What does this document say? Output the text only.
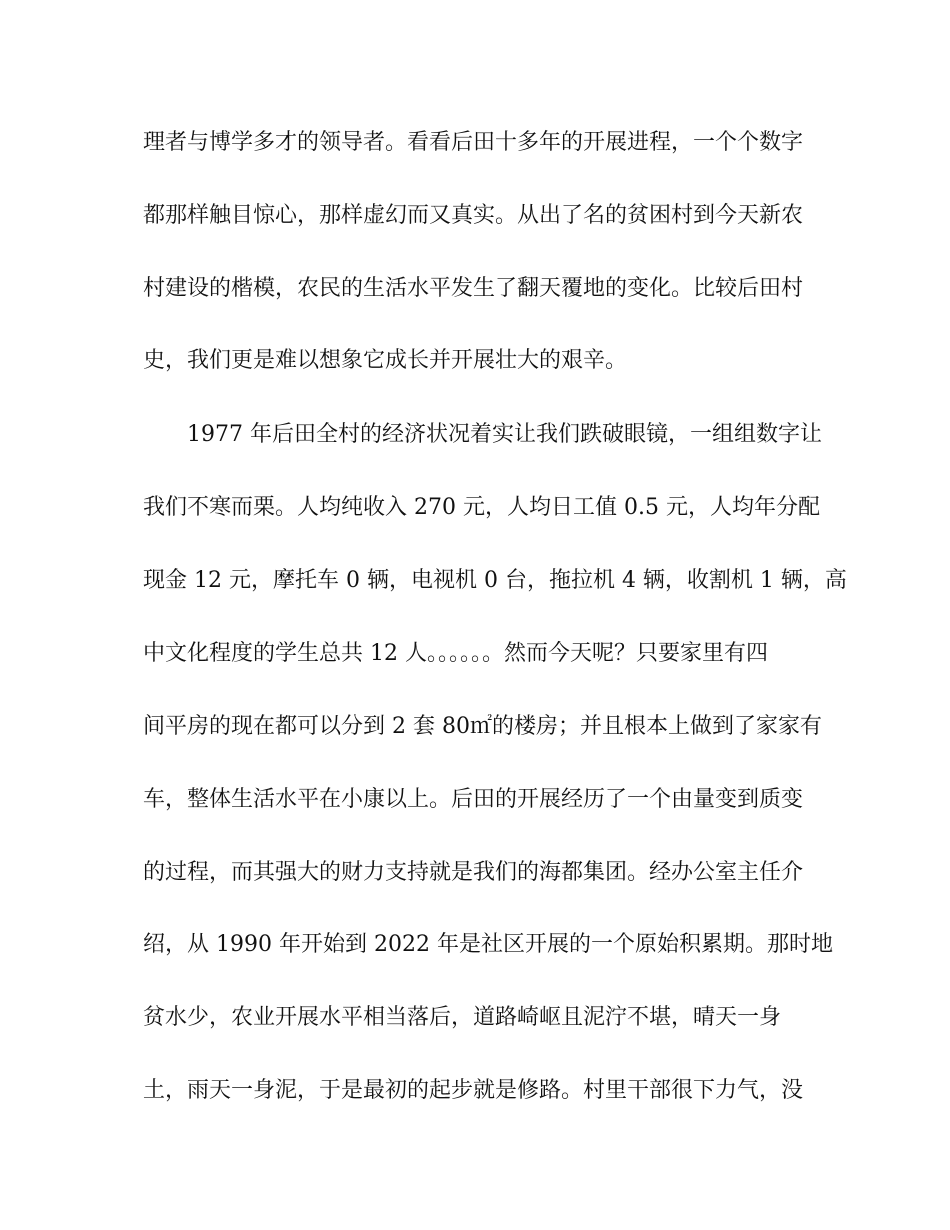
理者与博学多才的领导者。看看后田十多年的开展进程，一个个数字

都那样触目惊心，那样虚幻而又真实。从出了名的贫困村到今天新农

村建设的楷模，农民的生活水平发生了翻天覆地的变化。比较后田村

史，我们更是难以想象它成长并开展壮大的艰辛。

1977 年后田全村的经济状况着实让我们跌破眼镜，一组组数字让

我们不寒而栗。人均纯收入 270 元，人均日工值 0.5 元，人均年分配

现金 12 元，摩托车 0 辆，电视机 0 台，拖拉机 4 辆，收割机 1 辆，高

中文化程度的学生总共 12 人。。。。。。然而今天呢？只要家里有四

间平房的现在都可以分到 2 套 80㎡的楼房；并且根本上做到了家家有

车，整体生活水平在小康以上。后田的开展经历了一个由量变到质变

的过程，而其强大的财力支持就是我们的海都集团。经办公室主任介

绍，从 1990 年开始到 2022 年是社区开展的一个原始积累期。那时地

贫水少，农业开展水平相当落后，道路崎岖且泥泞不堪，晴天一身

土，雨天一身泥，于是最初的起步就是修路。村里干部很下力气，没
